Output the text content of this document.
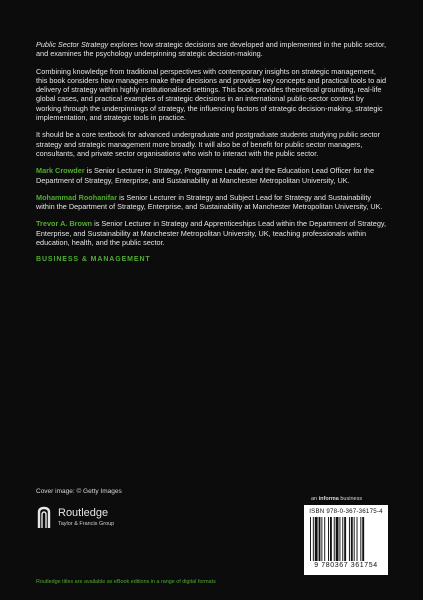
Public Sector Strategy explores how strategic decisions are developed and implemented in the public sector, and examines the psychology underpinning strategic decision-making.

Combining knowledge from traditional perspectives with contemporary insights on strategic management, this book considers how managers make their decisions and provides key concepts and practical tools to aid delivery of strategy within highly institutionalised settings. This book provides theoretical grounding, real-life global cases, and practical examples of strategic decisions in an international public-sector context by working through the underpinnings of strategy, the influencing factors of strategic decision-making, strategic implementation, and strategic tools in practice.

It should be a core textbook for advanced undergraduate and postgraduate students studying public sector strategy and strategic management more broadly. It will also be of benefit for public sector managers, consultants, and private sector organisations who wish to interact with the public sector.

Mark Crowder is Senior Lecturer in Strategy, Programme Leader, and the Education Lead Officer for the Department of Strategy, Enterprise, and Sustainability at Manchester Metropolitan University, UK.

Mohammad Roohanifar is Senior Lecturer in Strategy and Subject Lead for Strategy and Sustainability within the Department of Strategy, Enterprise, and Sustainability at Manchester Metropolitan University, UK.

Trevor A. Brown is Senior Lecturer in Strategy and Apprenticeships Lead within the Department of Strategy, Enterprise, and Sustainability at Manchester Metropolitan University, UK, teaching professionals within education, health, and the public sector.

BUSINESS & MANAGEMENT
Cover image: © Getty Images
Routledge
Taylor & Francis Group
an informa business
ISBN 978-0-367-36175-4
9 780367 361754
Routledge titles are available as eBook editions in a range of digital formats
